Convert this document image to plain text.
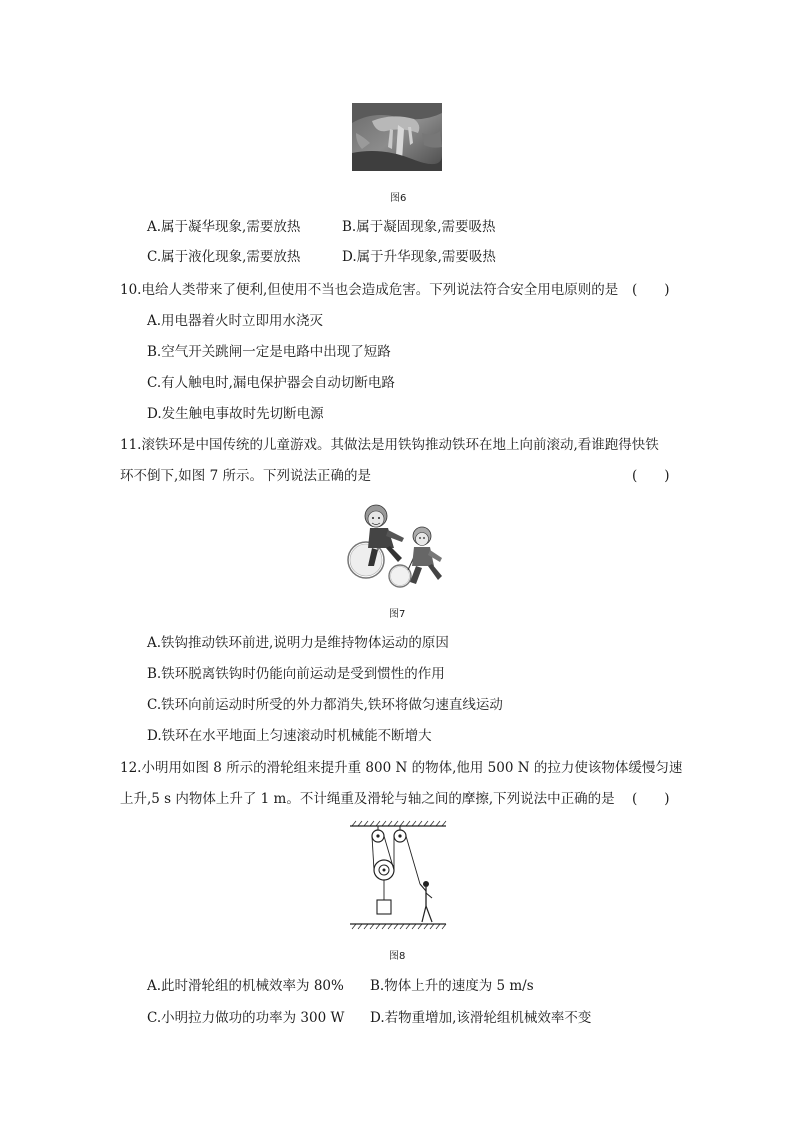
图6
A.属于凝华现象,需要放热	B.属于凝固现象,需要吸热
C.属于液化现象,需要放热	D.属于升华现象,需要吸热
10.电给人类带来了便利,但使用不当也会造成危害。下列说法符合安全用电原则的是 (　　)
A.用电器着火时立即用水浇灭
B.空气开关跳闸一定是电路中出现了短路
C.有人触电时,漏电保护器会自动切断电路
D.发生触电事故时先切断电源
11.滚铁环是中国传统的儿童游戏。其做法是用铁钩推动铁环在地上向前滚动,看谁跑得快铁
环不倒下,如图 7 所示。下列说法正确的是	(　　)
图7
A.铁钩推动铁环前进,说明力是维持物体运动的原因
B.铁环脱离铁钩时仍能向前运动是受到惯性的作用
C.铁环向前运动时所受的外力都消失,铁环将做匀速直线运动
D.铁环在水平地面上匀速滚动时机械能不断增大
12.小明用如图 8 所示的滑轮组来提升重 800 N 的物体,他用 500 N 的拉力使该物体缓慢匀速
上升,5 s 内物体上升了 1 m。不计绳重及滑轮与轴之间的摩擦,下列说法中正确的是 (　　)
图8
A.此时滑轮组的机械效率为 80% B.物体上升的速度为 5 m/s
C.小明拉力做功的功率为 300 W D.若物重增加,该滑轮组机械效率不变
